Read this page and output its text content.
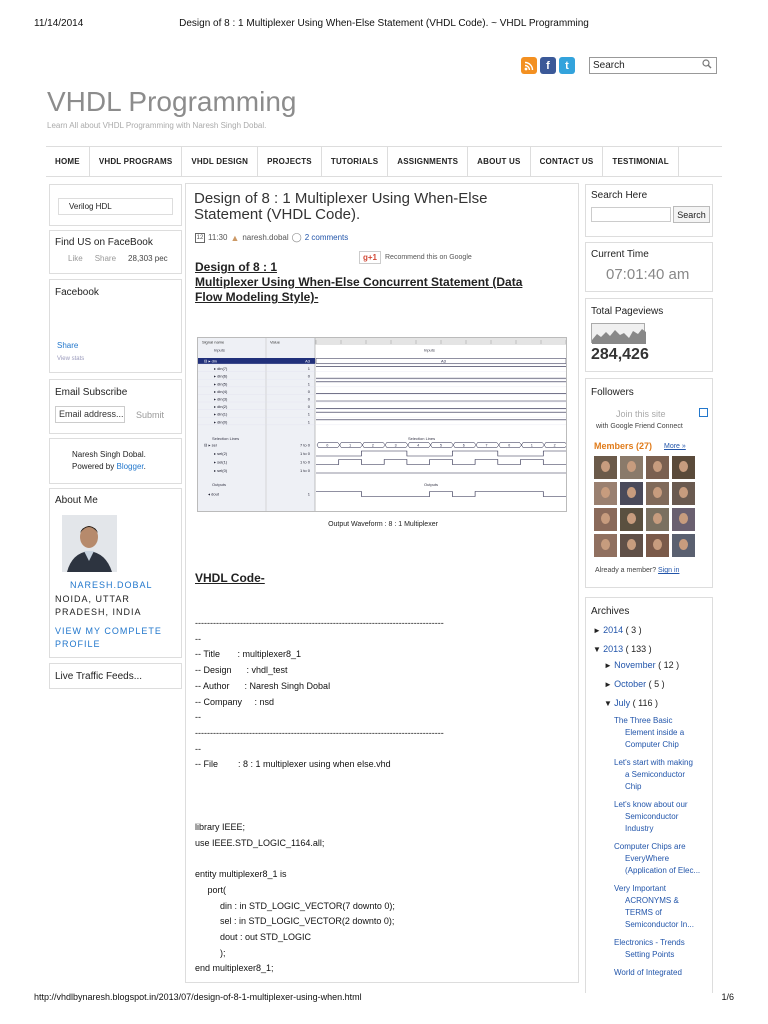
11/14/2014	Design of 8 : 1 Multiplexer Using When-Else Statement (VHDL Code). ~ VHDL Programming
http://vhdlbynaresh.blogspot.in/2013/07/design-of-8-1-multiplexer-using-when.html	1/6
f	t	Search
VHDL Programming
Learn All about VHDL Programming with Naresh Singh Dobal.
HOME	VHDL PROGRAMS	VHDL DESIGN	PROJECTS	TUTORIALS	ASSIGNMENTS	ABOUT US	CONTACT US	TESTIMONIAL
Verilog HDL
Find US on FaceBook
Like Share 28,303 pec
Facebook
Share
View stats
Email Subscribe
Email address... Submit
Naresh Singh Dobal.
Powered by Blogger.
About Me
NARESH.DOBAL
NOIDA, UTTAR
PRADESH, INDIA
VIEW MY COMPLETE
PROFILE
Live Traffic Feeds...
Design of 8 : 1 Multiplexer Using When-Else
Statement (VHDL Code).
12 11:30 ▲ naresh.dobal ◯ 2 comments
g+1	Recommend this on Google
Design of 8 : 1
Multiplexer Using When-Else Concurrent Statement (Data
Flow Modeling Style)-
Signal name	Value
Inputs	Inputs
⊟ ▸ din	A3	A3
▸ din(7)	1
▸ din(6)	0
▸ din(5)	1
▸ din(4)	0
▸ din(3)	0
▸ din(2)	0
▸ din(1)	1
▸ din(0)	1
Selection Lines	Selection Lines
⊟ ▸ sel	7 to 0	0	1	2	3	4	5	6	7	0	1	2
▸ sel(2)	1 to 0
▸ sel(1)	1 to 0
▸ sel(0)	1 to 0
Outputs	Outputs
◂ dout	1
Output Waveform : 8 : 1 Multiplexer
VHDL Code-
-----------------------------------------------------------------------------------
--
-- Title       : multiplexer8_1
-- Design      : vhdl_test
-- Author      : Naresh Singh Dobal
-- Company     : nsd
--
-----------------------------------------------------------------------------------
--
-- File        : 8 : 1 multiplexer using when else.vhd
library IEEE;
use IEEE.STD_LOGIC_1164.all;
entity multiplexer8_1 is
port(
din : in STD_LOGIC_VECTOR(7 downto 0);
sel : in STD_LOGIC_VECTOR(2 downto 0);
dout : out STD_LOGIC
);
end multiplexer8_1;
Search Here
Search
Current Time
07:01:40 am
Total Pageviews
284,426
Followers
Join this site
with Google Friend Connect
Members (27) More »
Already a member? Sign in
Archives
► 2014 ( 3 )
▼ 2013 ( 133 )
► November ( 12 )
► October ( 5 )
▼ July ( 116 )
The Three Basic
Element inside a
Computer Chip
Let's start with making
a Semiconductor
Chip
Let's know about our
Semiconductor
Industry
Computer Chips are
EveryWhere
(Application of Elec...
Very Important
ACRONYMS &
TERMS of
Semiconductor In...
Electronics - Trends
Setting Points
World of Integrated
